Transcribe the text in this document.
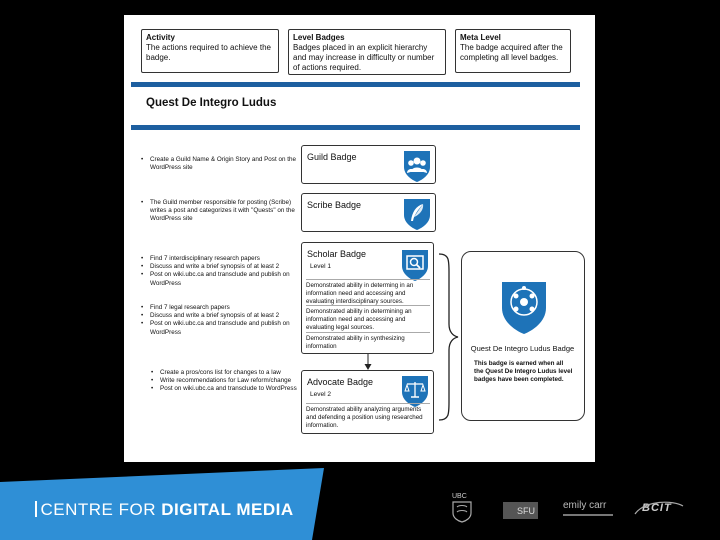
Activity
The actions required to achieve the badge.
Level Badges
Badges placed in an explicit hierarchy and may increase in difficulty or number of actions required.
Meta Level
The badge acquired after the completing all level badges.
Quest De Integro Ludus
• Create a Guild Name & Origin Story and Post on the WordPress site
• The Guild member responsible for posting (Scribe) writes a post and categorizes it with "Quests" on the WordPress site
• Find 7 interdisciplinary research papers
• Discuss and write a brief synopsis of at least 2
• Post on wiki.ubc.ca and transclude and publish on WordPress
• Find 7 legal research papers
• Discuss and write a brief synopsis of at least 2
• Post on wiki.ubc.ca and transclude and publish on WordPress
• Create a pros/cons list for changes to a law
• Write recommendations for Law reform/change
• Post on wiki.ubc.ca and transclude to WordPress
Guild Badge
Scribe Badge
Scholar Badge
Level 1
Demonstrated ability in determing in an information need and accessing and evaluating interdisciplinary sources.
Demonstrated ability in determining an information need and accessing and evaluating legal sources.
Demonstrated ability in synthesizing information
Advocate Badge
Level 2
Demonstrated ability analyzing arguments and defending a position using researched information.
Quest De Integro Ludus Badge
This badge is earned when all the Quest De Integro Ludus level badges have been completed.
CENTRE FOR DIGITAL MEDIA
UBC
SFU	emily carr	BCIT
